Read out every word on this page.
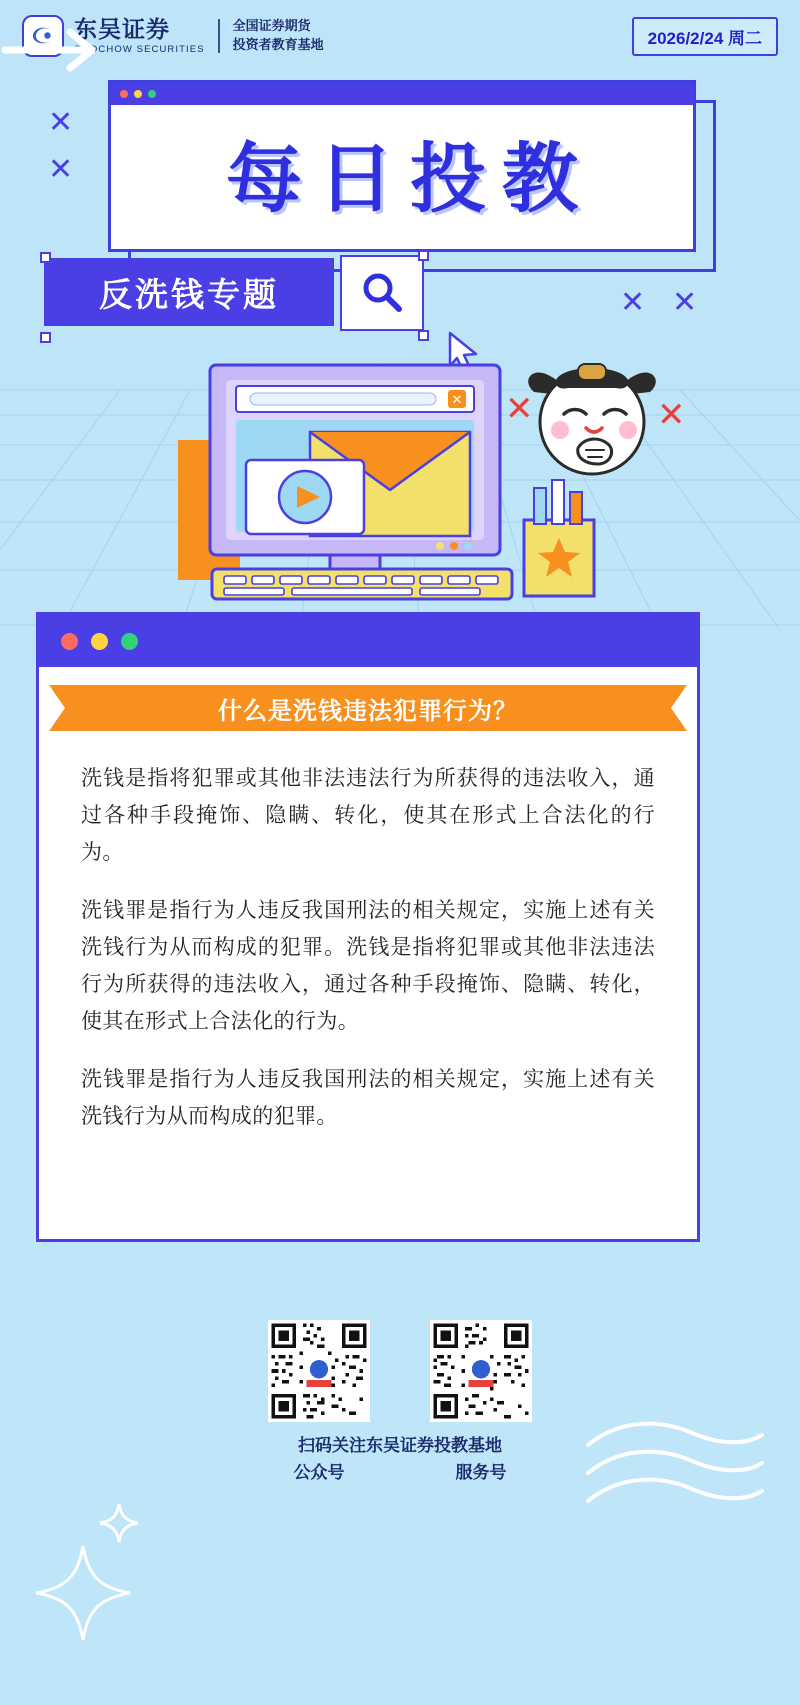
东吴证券
SOOCHOW SECURITIES
全国证券期货
投资者教育基地	2026/2/24 周二
每日投教
✕
✕
✕ ✕
✕	✕
反洗钱专题
✕
什么是洗钱违法犯罪行为？

洗钱是指将犯罪或其他非法违法行为所获得的违法收入，通过各种手段掩饰、隐瞒、转化，使其在形式上合法化的行为。

洗钱罪是指行为人违反我国刑法的相关规定，实施上述有关洗钱行为从而构成的犯罪。洗钱是指将犯罪或其他非法违法行为所获得的违法收入，通过各种手段掩饰、隐瞒、转化，使其在形式上合法化的行为。

洗钱罪是指行为人违反我国刑法的相关规定，实施上述有关洗钱行为从而构成的犯罪。

扫码关注东吴证券投教基地
公众号	服务号
